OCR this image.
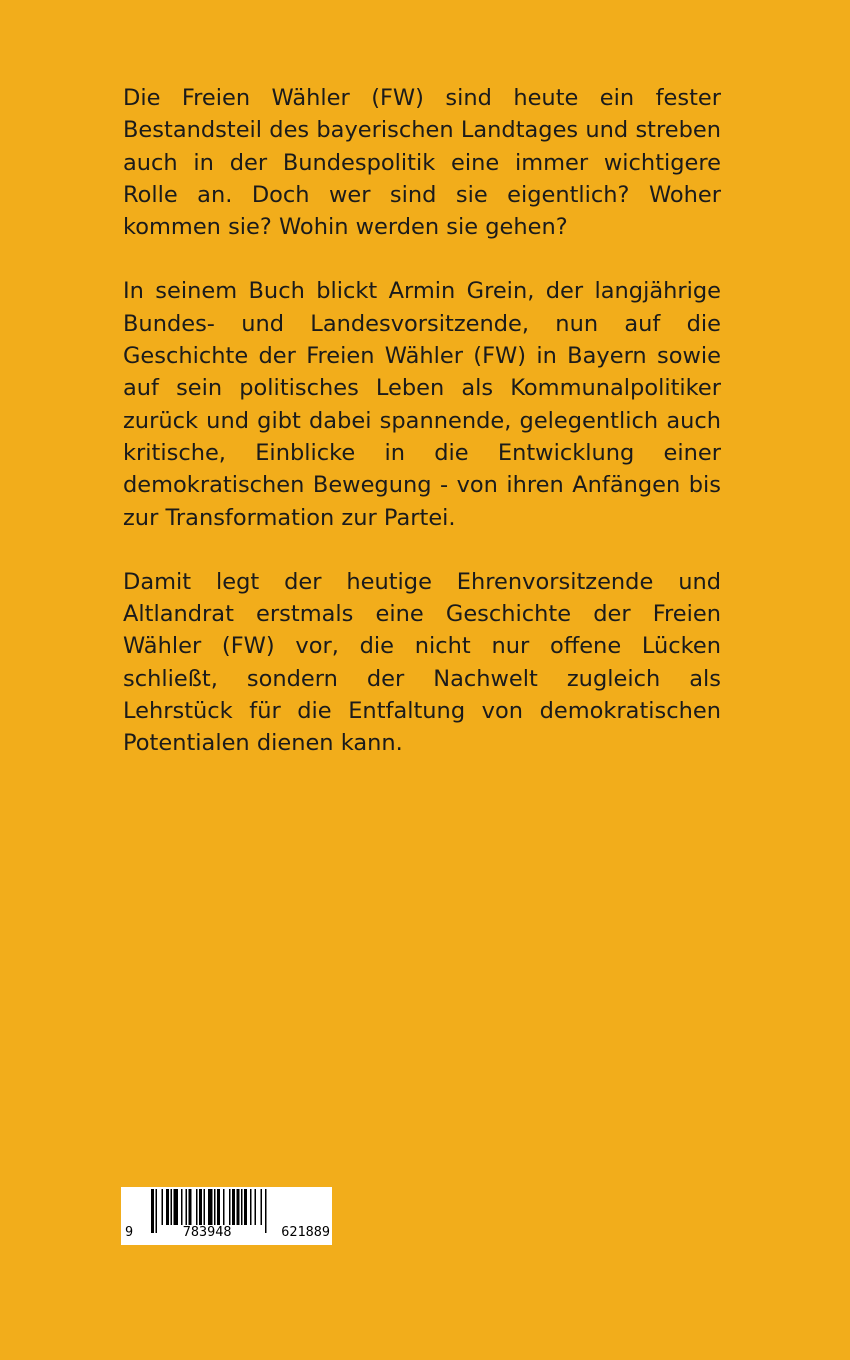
Die Freien Wähler (FW) sind heute ein fester Bestandsteil des bayerischen Landtages und streben auch in der Bundespolitik eine immer wichtigere Rolle an. Doch wer sind sie eigentlich? Woher kommen sie? Wohin werden sie gehen?

In seinem Buch blickt Armin Grein, der langjährige Bundes- und Landesvorsitzende, nun auf die Geschichte der Freien Wähler (FW) in Bayern sowie auf sein politisches Leben als Kommunalpolitiker zurück und gibt dabei spannende, gelegentlich auch kritische, Einblicke in die Entwicklung einer demokratischen Bewegung - von ihren Anfängen bis zur Transformation zur Partei.

Damit legt der heutige Ehrenvorsitzende und Altlandrat erstmals eine Geschichte der Freien Wähler (FW) vor, die nicht nur offene Lücken schließt, sondern der Nachwelt zugleich als Lehrstück für die Entfaltung von demokratischen Potentialen dienen kann.

9	783948	621889
